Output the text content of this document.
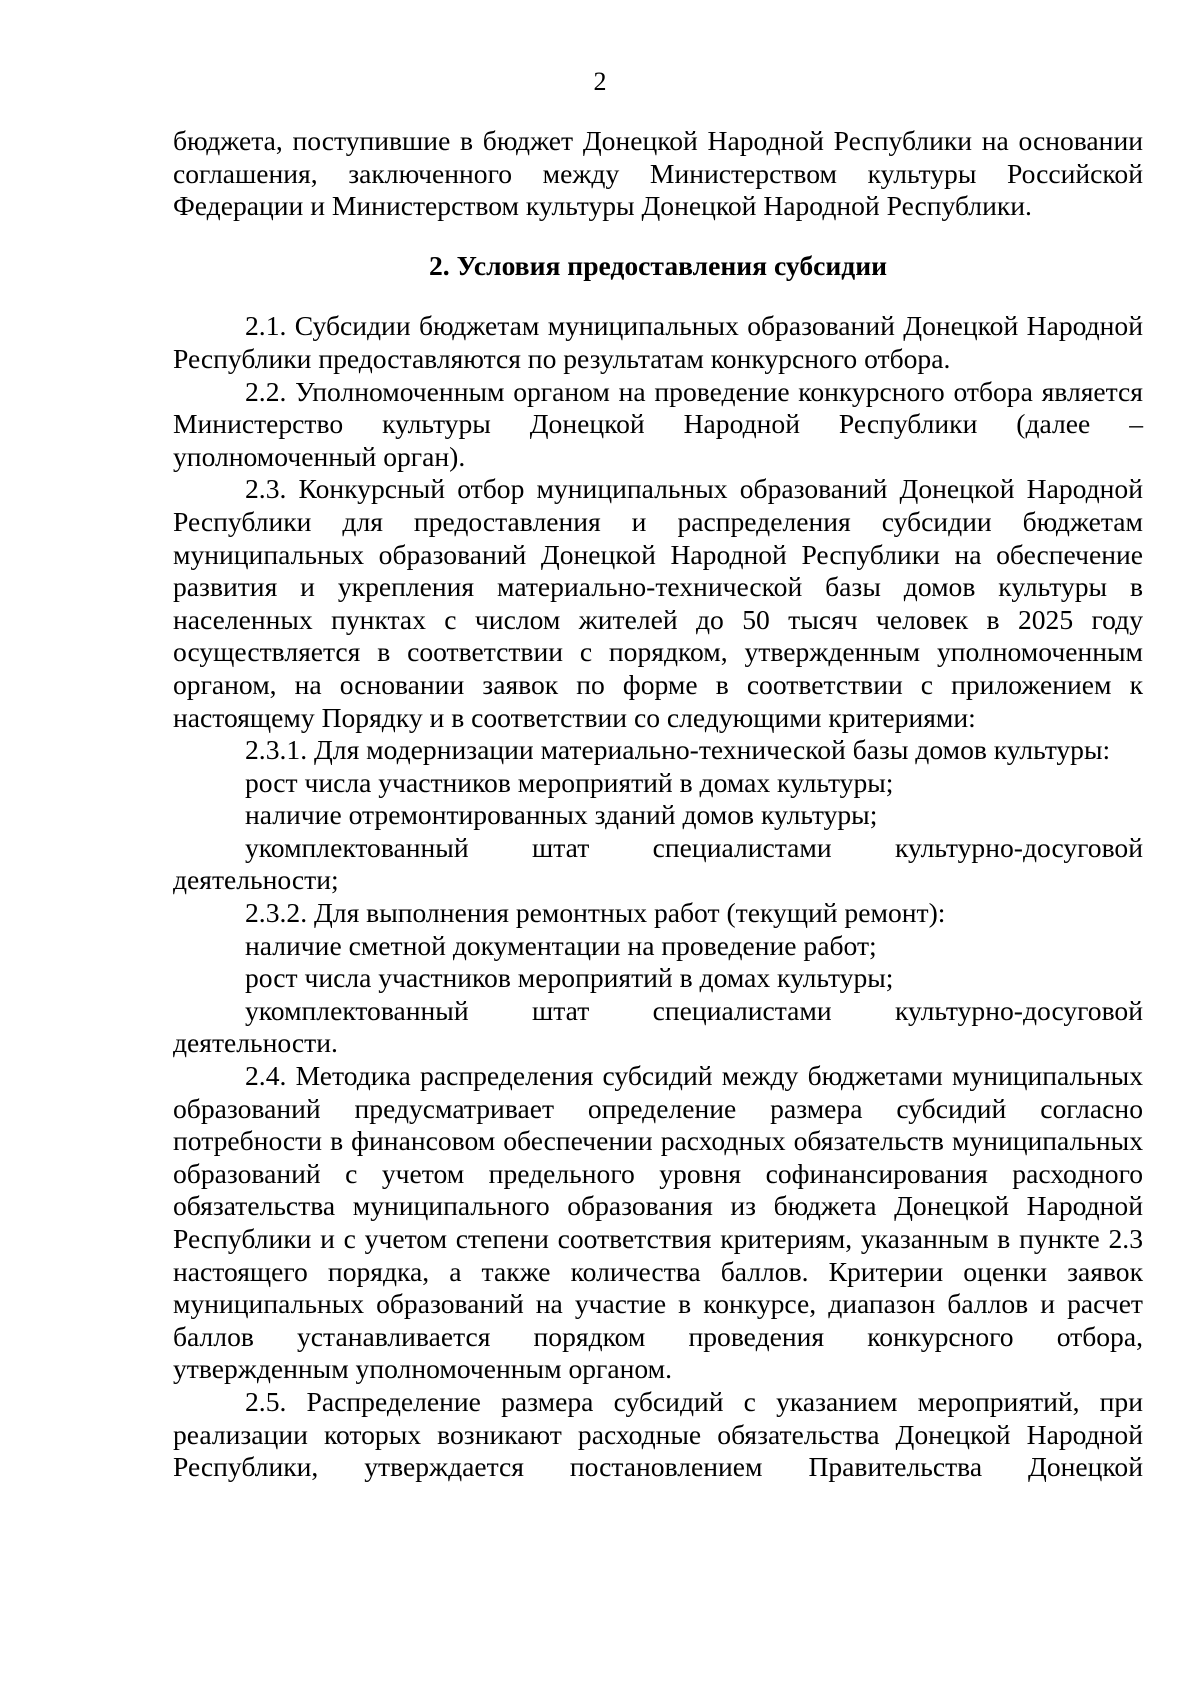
2

бюджета, поступившие в бюджет Донецкой Народной Республики на основании соглашения, заключенного между Министерством культуры Российской Федерации и Министерством культуры Донецкой Народной Республики.

2. Условия предоставления субсидии

2.1. Субсидии бюджетам муниципальных образований Донецкой Народной Республики предоставляются по результатам конкурсного отбора.

2.2. Уполномоченным органом на проведение конкурсного отбора является Министерство культуры Донецкой Народной Республики (далее – уполномоченный орган).

2.3. Конкурсный отбор муниципальных образований Донецкой Народной Республики для предоставления и распределения субсидии бюджетам муниципальных образований Донецкой Народной Республики на обеспечение развития и укрепления материально-технической базы домов культуры в населенных пунктах с числом жителей до 50 тысяч человек в 2025 году осуществляется в соответствии с порядком, утвержденным уполномоченным органом, на основании заявок по форме в соответствии с приложением к настоящему Порядку и в соответствии со следующими критериями:

2.3.1. Для модернизации материально-технической базы домов культуры:

рост числа участников мероприятий в домах культуры;

наличие отремонтированных зданий домов культуры;

укомплектованный штат специалистами культурно-досуговой деятельности;

2.3.2. Для выполнения ремонтных работ (текущий ремонт):

наличие сметной документации на проведение работ;

рост числа участников мероприятий в домах культуры;

укомплектованный штат специалистами культурно-досуговой деятельности.

2.4. Методика распределения субсидий между бюджетами муниципальных образований предусматривает определение размера субсидий согласно потребности в финансовом обеспечении расходных обязательств муниципальных образований с учетом предельного уровня софинансирования расходного обязательства муниципального образования из бюджета Донецкой Народной Республики и с учетом степени соответствия критериям, указанным в пункте 2.3 настоящего порядка, а также количества баллов. Критерии оценки заявок муниципальных образований на участие в конкурсе, диапазон баллов и расчет баллов устанавливается порядком проведения конкурсного отбора, утвержденным уполномоченным органом.

2.5. Распределение размера субсидий с указанием мероприятий, при реализации которых возникают расходные обязательства Донецкой Народной Республики, утверждается постановлением Правительства Донецкой
